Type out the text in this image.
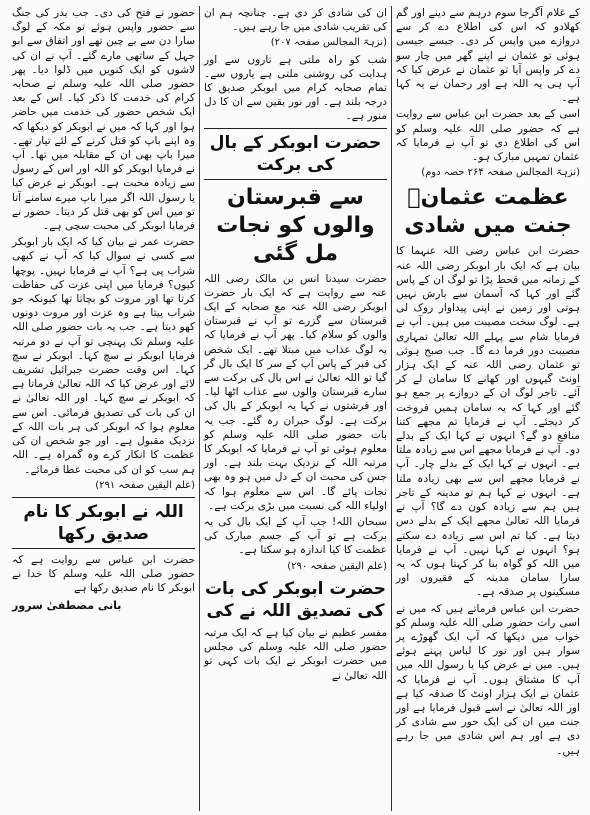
کے غلام آگرجا سوم درہم سے دینے اور گم کھلادو کہ اس کی اطلاع دے کر سے دروازے میں واپس کر دی۔ جیسے جیسی ہوئی تو عثمان نے اپنے گھر میں چار سو دے کر واپس آیا تو عثمان نے عرض کیا کہ آپ ہی یہ اللہ ہے اور رحمان نے یہ کہا ہے۔

اسی کے بعد حضرت ابن عباس سے روایت ہے کہ حضور صلی اللہ علیہ وسلم کو اس کی اطلاع دی تو آپ نے فرمایا کہ عثمان تمہیں مبارک ہو۔

(نزہۃ المجالس صفحہ ۲۶۴ حصہ دوم)

عظمت عثمانؓ جنت میں شادی

حضرت ابن عباس رضی اللہ عنہما کا بیان ہے کہ ایک بار ابوبکر رضی اللہ عنہ کے زمانہ میں قحط پڑا تو لوگ ان کے پاس گئے اور کہا کہ آسمان سے بارش نہیں ہوتی اور زمین نے اپنی پیداوار روک لی ہے۔ لوگ سخت مصیبت میں ہیں۔ آپ نے فرمایا شام سے پہلے اللہ تعالیٰ تمہاری مصیبت دور فرما دے گا۔ جب صبح ہوئی تو عثمان رضی اللہ عنہ کے ایک ہزار اونٹ گیہوں اور کھانے کا سامان لے کر آئے۔ تاجر لوگ ان کے دروازے پر جمع ہو گئے اور کہا کہ یہ سامان ہمیں فروخت کر دیجئے۔ آپ نے فرمایا تم مجھے کتنا منافع دو گے؟ انہوں نے کہا ایک کے بدلے دو۔ آپ نے فرمایا مجھے اس سے زیادہ ملتا ہے۔ انہوں نے کہا ایک کے بدلے چار۔ آپ نے فرمایا مجھے اس سے بھی زیادہ ملتا ہے۔ انہوں نے کہا ہم تو مدینہ کے تاجر ہیں ہم سے زیادہ کون دے گا؟ آپ نے فرمایا اللہ تعالیٰ مجھے ایک کے بدلے دس دیتا ہے۔ کیا تم اس سے زیادہ دے سکتے ہو؟ انہوں نے کہا نہیں۔ آپ نے فرمایا میں اللہ کو گواہ بنا کر کہتا ہوں کہ یہ سارا سامان مدینہ کے فقیروں اور مسکینوں پر صدقہ ہے۔

حضرت ابن عباس فرماتے ہیں کہ میں نے اسی رات حضور صلی اللہ علیہ وسلم کو خواب میں دیکھا کہ آپ ایک گھوڑے پر سوار ہیں اور نور کا لباس پہنے ہوئے ہیں۔ میں نے عرض کیا یا رسول اللہ میں آپ کا مشتاق ہوں۔ آپ نے فرمایا کہ عثمان نے ایک ہزار اونٹ کا صدقہ کیا ہے اور اللہ تعالیٰ نے اسے قبول فرمایا ہے اور جنت میں ان کی ایک حور سے شادی کر دی ہے اور ہم اس شادی میں جا رہے ہیں۔

ان کی شادی کر دی ہے۔ چنانچہ ہم ان کی تقریب شادی میں جا رہے ہیں۔

(نزہۃ المجالس صفحہ ۲۰۷)

شب کو راہ ملتی ہے تاروں سے اور ہدایت کی روشنی ملتی ہے یاروں سے۔ تمام صحابہ کرام میں ابوبکر صدیق کا درجہ بلند ہے۔ اور نور یقین سے ان کا دل منور ہے۔

حضرت ابوبکر کے بال کی برکت
سے قبرستان والوں کو نجات مل گئی

حضرت سیدنا انس بن مالک رضی اللہ عنہ سے روایت ہے کہ ایک بار حضرت ابوبکر رضی اللہ عنہ مع صحابہ کے ایک قبرستان سے گزرے تو آپ نے قبرستان والوں کو سلام کیا۔ پھر آپ نے فرمایا کہ یہ لوگ عذاب میں مبتلا تھے۔ ایک شخص کی قبر کے پاس آپ کے سر کا ایک بال گر گیا تو اللہ تعالیٰ نے اس بال کی برکت سے سارے قبرستان والوں سے عذاب اٹھا لیا۔ اور فرشتوں نے کہا یہ ابوبکر کے بال کی برکت ہے۔ لوگ حیران رہ گئے۔ جب یہ بات حضور صلی اللہ علیہ وسلم کو معلوم ہوئی تو آپ نے فرمایا کہ ابوبکر کا مرتبہ اللہ کے نزدیک بہت بلند ہے۔ اور جس کی محبت ان کے دل میں ہو وہ بھی نجات پائے گا۔ اس سے معلوم ہوا کہ اولیاء اللہ کی نسبت میں بڑی برکت ہے۔

سبحان اللہ! جب آپ کے ایک بال کی یہ برکت ہے تو آپ کے جسم مبارک کی عظمت کا کیا اندازہ ہو سکتا ہے۔

(علم الیقین صفحہ ۲۹۰)

حضرت ابوبکر کی بات کی تصدیق اللہ نے کی

مفسر عظیم نے بیان کیا ہے کہ ایک مرتبہ حضور صلی اللہ علیہ وسلم کی مجلس میں حضرت ابوبکر نے ایک بات کہی تو اللہ تعالیٰ نے

حضور نے فتح کی دی۔ جب بدر کی جنگ سے حضور واپس ہوئے تو مکہ کے لوگ سارا دن سے بے چین تھے اور اتفاق سے ابو جہل کے ساتھی مارے گئے۔ آپ نے ان کی لاشوں کو ایک کنویں میں ڈلوا دیا۔ پھر حضور صلی اللہ علیہ وسلم نے صحابہ کرام کی خدمت کا ذکر کیا۔ اس کے بعد ایک شخص حضور کی خدمت میں حاضر ہوا اور کہا کہ میں نے ابوبکر کو دیکھا کہ وہ اپنے باپ کو قتل کرنے کے لئے تیار تھے۔ میرا باپ بھی ان کے مقابلہ میں تھا۔ آپ نے فرمایا ابوبکر کو اللہ اور اس کے رسول سے زیادہ محبت ہے۔ ابوبکر نے عرض کیا یا رسول اللہ اگر میرا باپ میرے سامنے آتا تو میں اس کو بھی قتل کر دیتا۔ حضور نے فرمایا ابوبکر کی محبت سچی ہے۔

حضرت عمر نے بیان کیا کہ ایک بار ابوبکر سے کسی نے سوال کیا کہ آپ نے کبھی شراب پی ہے؟ آپ نے فرمایا نہیں۔ پوچھا کیوں؟ فرمایا میں اپنی عزت کی حفاظت کرتا تھا اور مروت کو بچاتا تھا کیونکہ جو شراب پیتا ہے وہ عزت اور مروت دونوں کھو دیتا ہے۔ جب یہ بات حضور صلی اللہ علیہ وسلم تک پہنچی تو آپ نے دو مرتبہ فرمایا ابوبکر نے سچ کہا۔ ابوبکر نے سچ کہا۔ اس وقت حضرت جبرائیل تشریف لائے اور عرض کیا کہ اللہ تعالیٰ فرماتا ہے کہ ابوبکر نے سچ کہا۔ اور اللہ تعالیٰ نے ان کی بات کی تصدیق فرمائی۔ اس سے معلوم ہوا کہ ابوبکر کی ہر بات اللہ کے نزدیک مقبول ہے۔ اور جو شخص ان کی عظمت کا انکار کرے وہ گمراہ ہے۔ اللہ ہم سب کو ان کی محبت عطا فرمائے۔

(علم الیقین صفحہ ۲۹۱)

اللہ نے ابوبکر کا نام صدیق رکھا

حضرت ابن عباس سے روایت ہے کہ حضور صلی اللہ علیہ وسلم کا خدا نے ابوبکر کا نام صدیق رکھا ہے

بانی مصطفیٰ سرور
